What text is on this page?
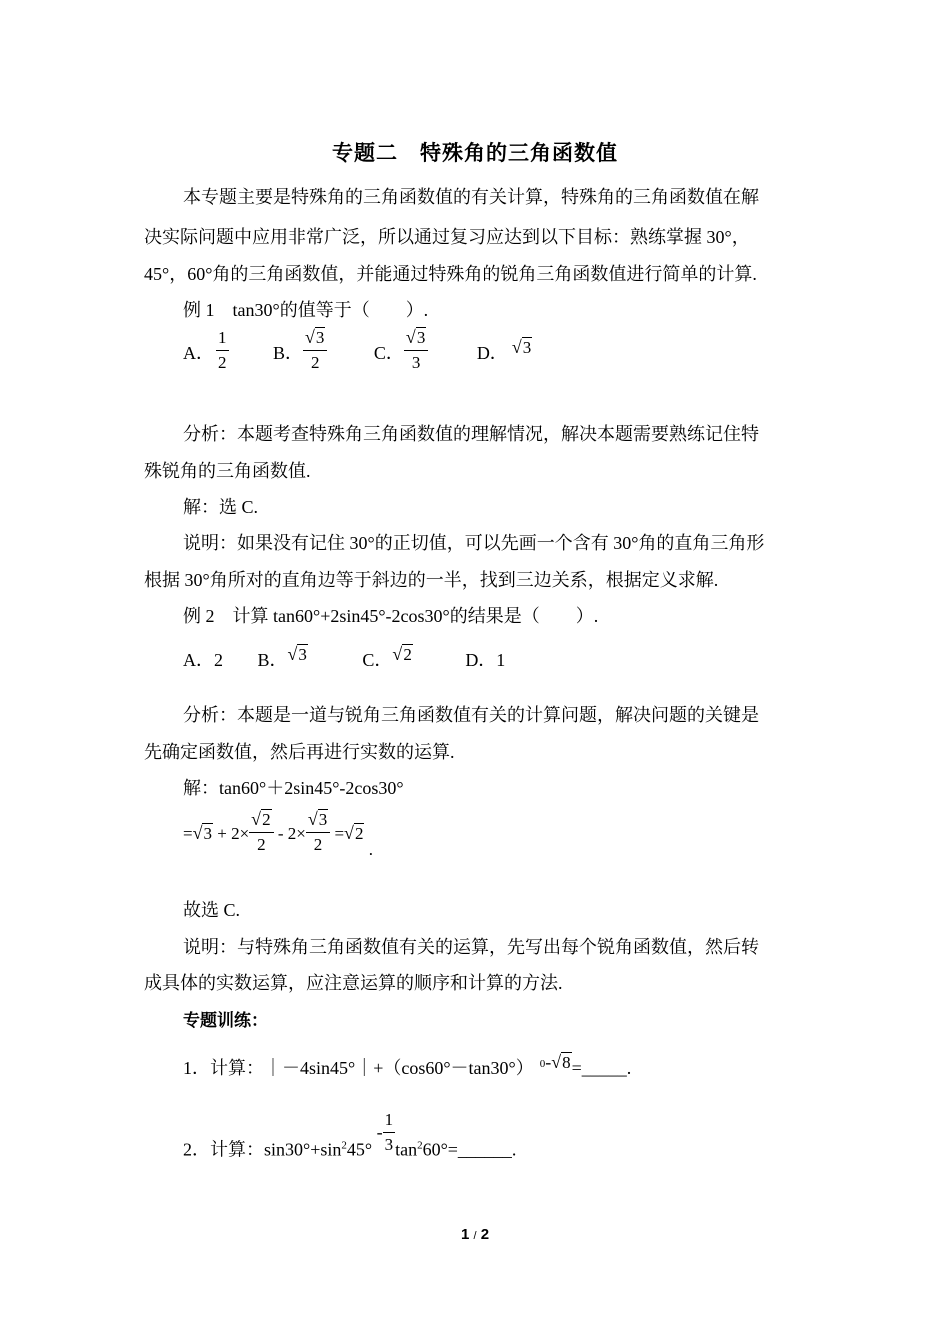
专题二　特殊角的三角函数值
本专题主要是特殊角的三角函数值的有关计算，特殊角的三角函数值在解
决实际问题中应用非常广泛，所以通过复习应达到以下目标：熟练掌握 30°，
45°，60°角的三角函数值，并能通过特殊角的锐角三角函数值进行简单的计算.
例 1　tan30°的值等于（　　）.
A． $\frac{1}{2}$ B． $\frac{√3}{2}$	C． $\frac{√3}{3}$	D． √3
分析：本题考查特殊角三角函数值的理解情况，解决本题需要熟练记住特
殊锐角的三角函数值.
解：选 C.
说明：如果没有记住 30°的正切值，可以先画一个含有 30°角的直角三角形
根据 30°角所对的直角边等于斜边的一半，找到三边关系，根据定义求解.
例 2　计算 tan60°+2sin45°-2cos30°的结果是（　　）.
A．2 B．√3	C．√2	D．1
分析：本题是一道与锐角三角函数值有关的计算问题，解决问题的关键是
先确定函数值，然后再进行实数的运算.
解：tan60°＋2sin45°-2cos30°
$=√3 + 2\times \frac{√2}{2} - 2\times \frac{√3}{2} =√2$ .
故选 C.
说明：与特殊角三角函数值有关的运算，先写出每个锐角函数值，然后转
成具体的实数运算，应注意运算的顺序和计算的方法.
专题训练：
1．计算：｜－4sin45°｜+（cos60°－tan30°） $^0$-√8=_____.
2．计算：$\sin 30^\circ+\sin^245^\circ - \frac{1}{3}$ $\tan^260^\circ=\_\_\_\_\_\_$.
1 / 2
